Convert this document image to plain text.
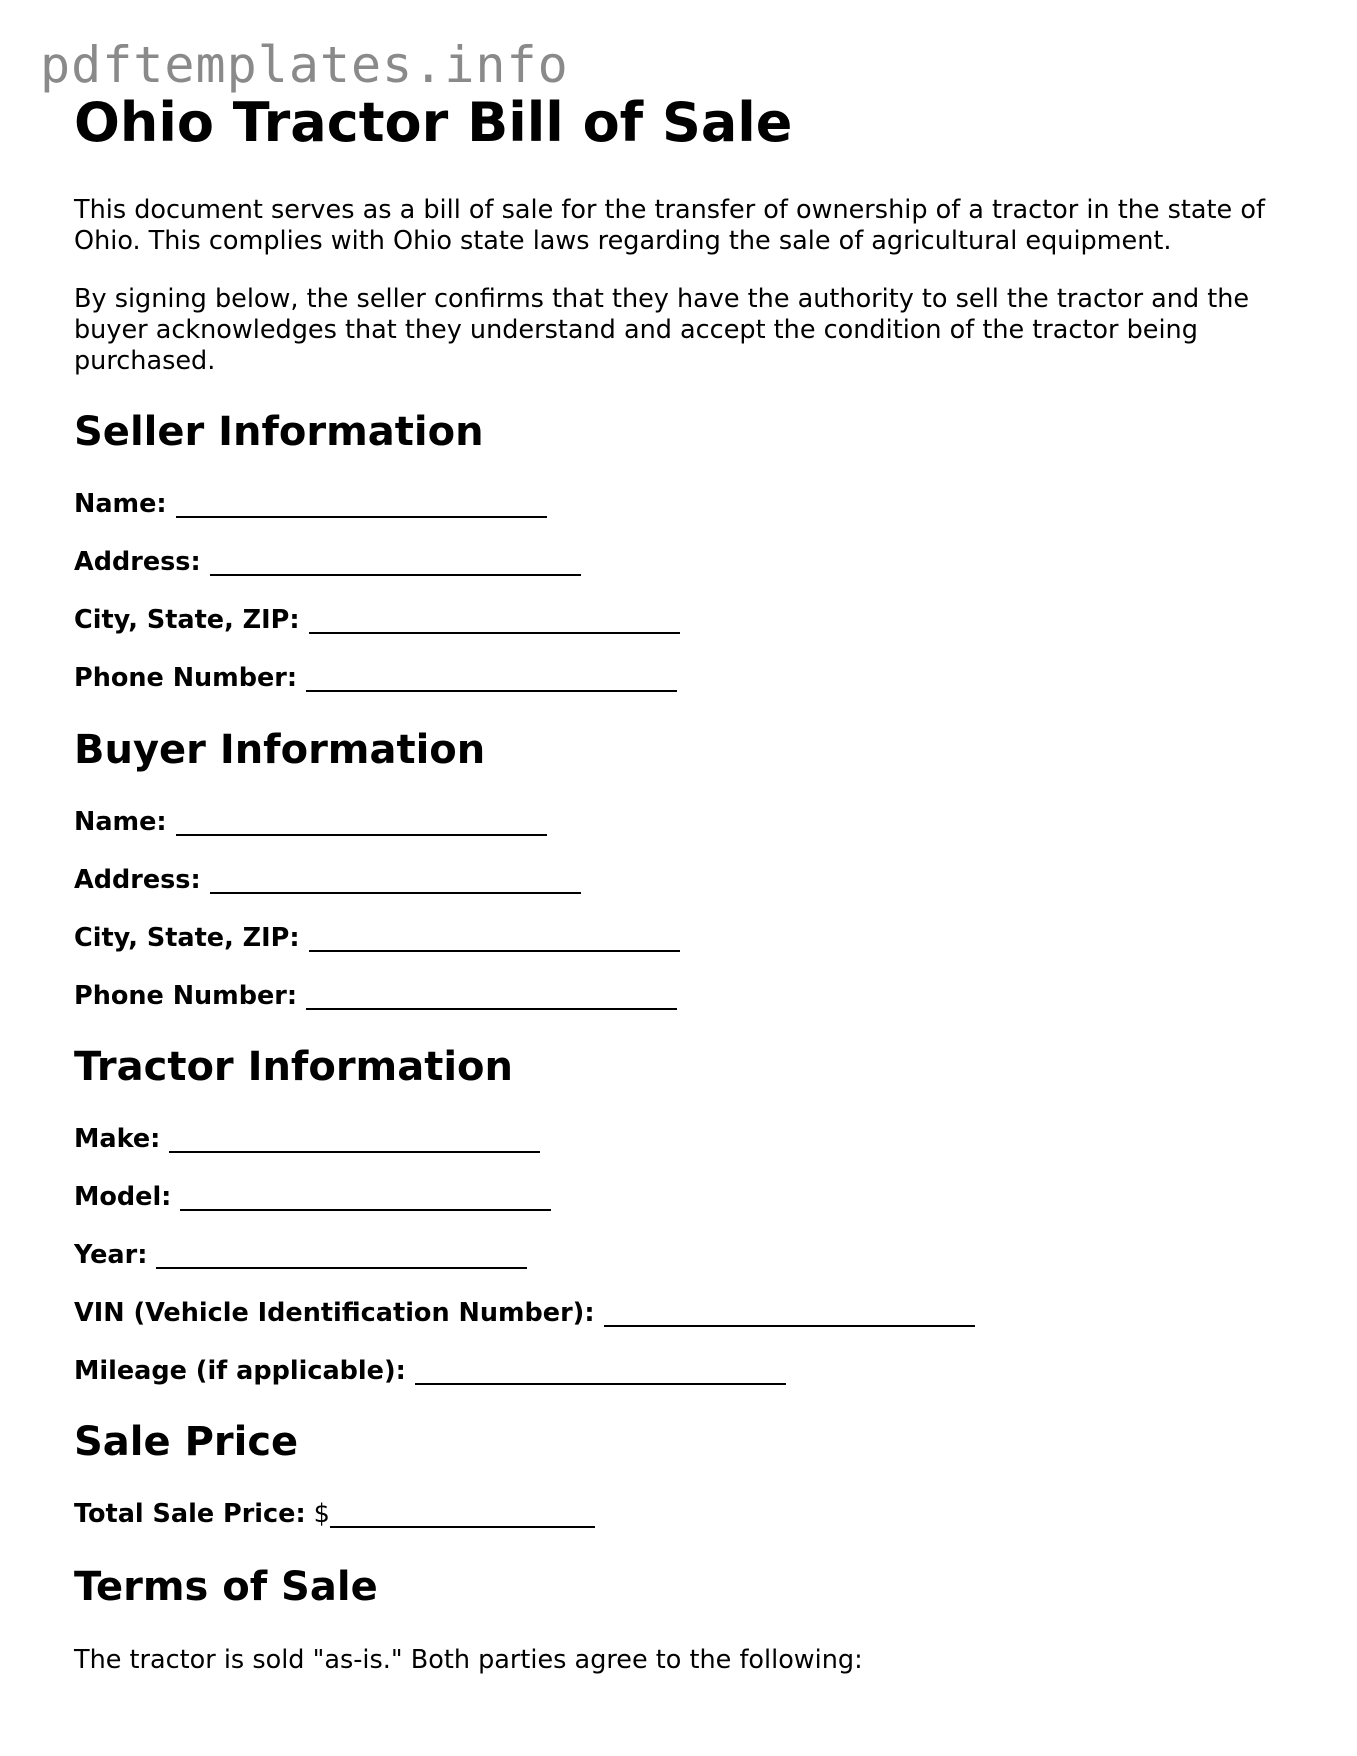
pdftemplates.info
Ohio Tractor Bill of Sale

This document serves as a bill of sale for the transfer of ownership of a tractor in the state of Ohio. This complies with Ohio state laws regarding the sale of agricultural equipment.

By signing below, the seller confirms that they have the authority to sell the tractor and the buyer acknowledges that they understand and accept the condition of the tractor being purchased.

Seller Information
Name:
Address:
City, State, ZIP:
Phone Number:
Buyer Information
Name:
Address:
City, State, ZIP:
Phone Number:
Tractor Information
Make:
Model:
Year:
VIN (Vehicle Identification Number):
Mileage (if applicable):
Sale Price
Total Sale Price: $
Terms of Sale

The tractor is sold "as-is." Both parties agree to the following:
